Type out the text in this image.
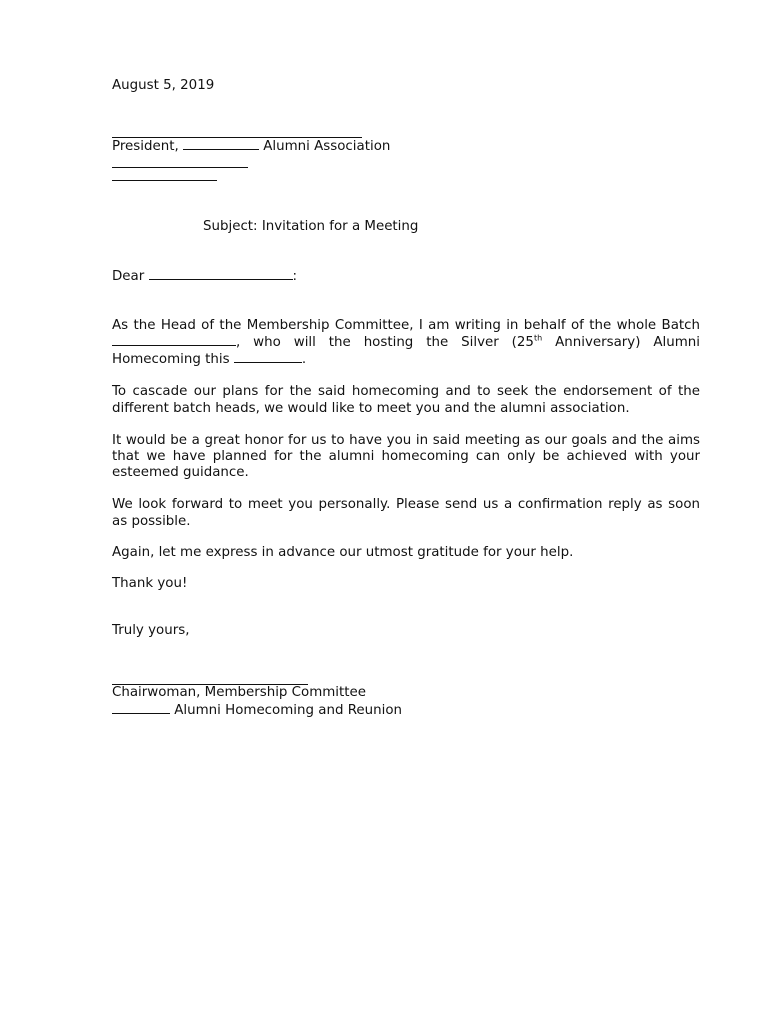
August 5, 2019
President,	Alumni Association
Subject: Invitation for a Meeting
Dear	:

As the Head of the Membership Committee, I am writing in behalf of the whole Batch , who will the hosting the Silver (25th Anniversary) Alumni Homecoming this	.

To cascade our plans for the said homecoming and to seek the endorsement of the different batch heads, we would like to meet you and the alumni association.

It would be a great honor for us to have you in said meeting as our goals and the aims that we have planned for the alumni homecoming can only be achieved with your esteemed guidance.

We look forward to meet you personally. Please send us a confirmation reply as soon as possible.

Again, let me express in advance our utmost gratitude for your help.

Thank you!

Truly yours,
Chairwoman, Membership Committee
Alumni Homecoming and Reunion
